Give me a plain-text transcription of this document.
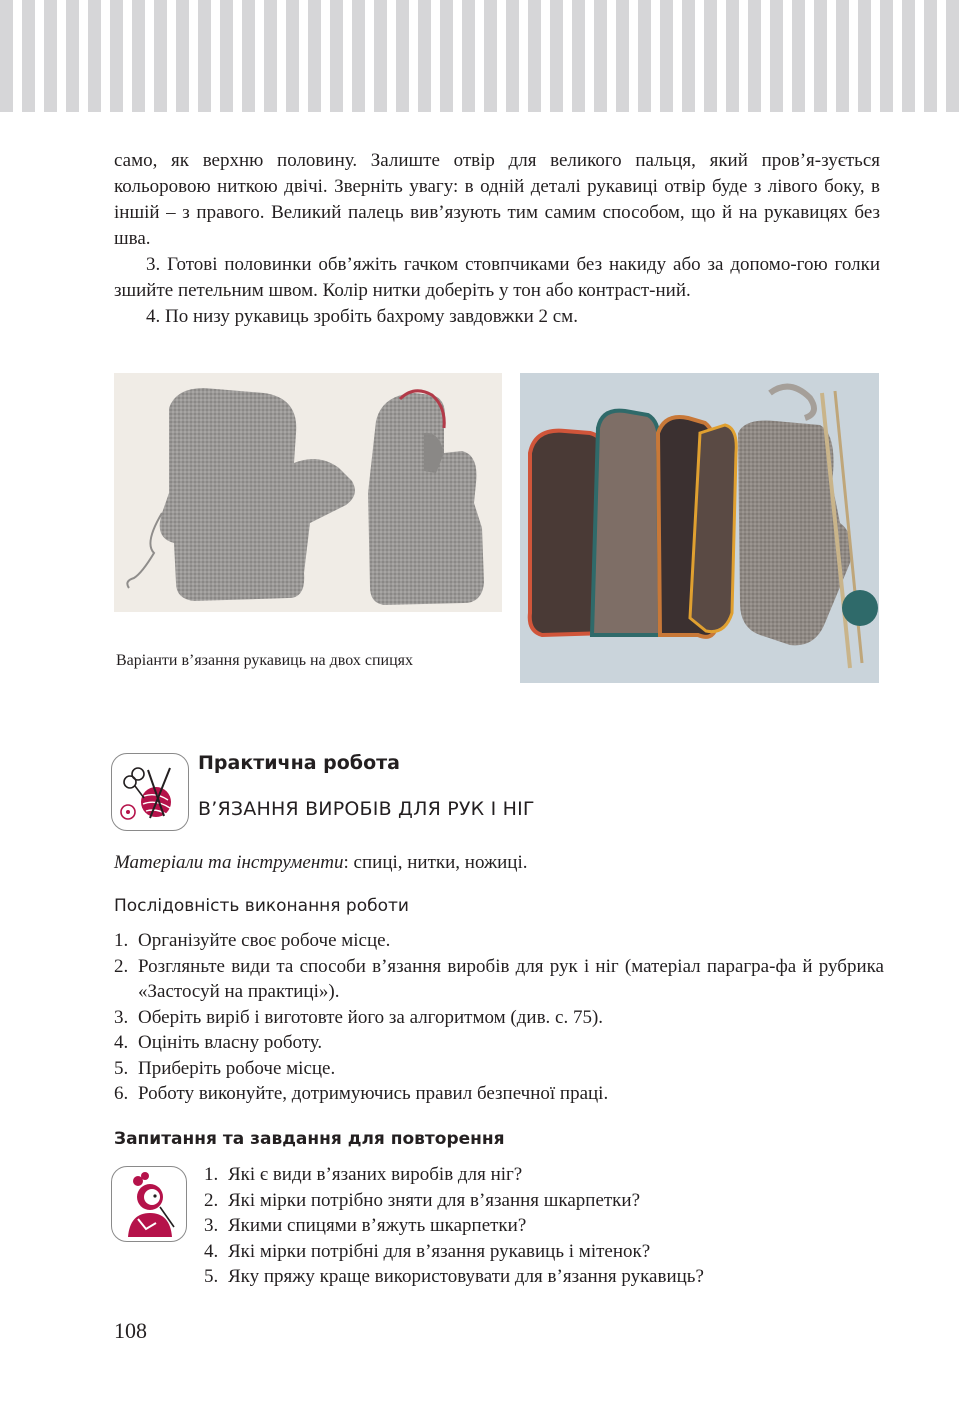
само, як верхню половину. Залиште отвір для великого пальця, який пров’я-зується кольоровою ниткою двічі. Зверніть увагу: в одній деталі рукавиці отвір буде з лівого боку, в іншій – з правого. Великий палець вив’язують тим самим способом, що й на рукавицях без шва.

3. Готові половинки обв’яжіть гачком стовпчиками без накиду або за допомо-гою голки зшийте петельним швом. Колір нитки доберіть у тон або контраст-ний.

4. По низу рукавиць зробіть бахрому завдовжки 2 см.

Варіанти в’язання рукавиць на двох спицях
Практична робота
В’ЯЗАННЯ ВИРОБІВ ДЛЯ РУК І НІГ
Матеріали та інструменти: спиці, нитки, ножиці.
Послідовність виконання роботи
1. Організуйте своє робоче місце.
2. Розгляньте види та способи в’язання виробів для рук і ніг (матеріал парагра-фа й рубрика «Застосуй на практиці»).
3. Оберіть виріб і виготовте його за алгоритмом (див. с. 75).
4. Оцініть власну роботу.
5. Приберіть робоче місце.
6. Роботу виконуйте, дотримуючись правил безпечної праці.
Запитання та завдання для повторення
1. Які є види в’язаних виробів для ніг?
2. Які мірки потрібно зняти для в’язання шкарпетки?
3. Якими спицями в’яжуть шкарпетки?
4. Які мірки потрібні для в’язання рукавиць і мітенок?
5. Яку пряжу краще використовувати для в’язання рукавиць?
108
